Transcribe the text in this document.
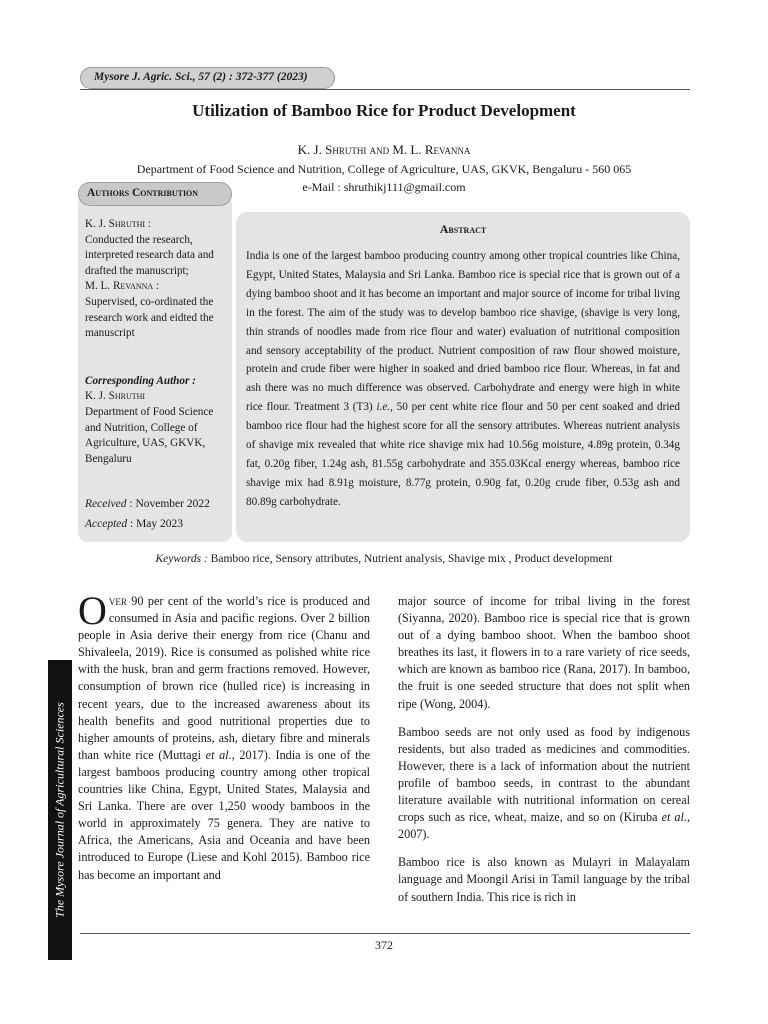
Mysore J. Agric. Sci., 57 (2) : 372-377 (2023)
Utilization of Bamboo Rice for Product Development
K. J. Shruthi and M. L. Revanna
Department of Food Science and Nutrition, College of Agriculture, UAS, GKVK, Bengaluru - 560 065
e-Mail : shruthikj111@gmail.com
Authors Contribution
K. J. Shruthi :
Conducted the research, interpreted research data and drafted the manuscript;
M. L. Revanna :
Supervised, co-ordinated the research work and eidted the manuscript
Corresponding Author :
K. J. Shruthi
Department of Food Science and Nutrition, College of Agriculture, UAS, GKVK, Bengaluru
Received : November 2022
Accepted : May 2023
Abstract
India is one of the largest bamboo producing country among other tropical countries like China, Egypt, United States, Malaysia and Sri Lanka. Bamboo rice is special rice that is grown out of a dying bamboo shoot and it has become an important and major source of income for tribal living in the forest. The aim of the study was to develop bamboo rice shavige, (shavige is very long, thin strands of noodles made from rice flour and water) evaluation of nutritional composition and sensory acceptability of the product. Nutrient composition of raw flour showed moisture, protein and crude fiber were higher in soaked and dried bamboo rice flour. Whereas, in fat and ash there was no much difference was observed. Carbohydrate and energy were high in white rice flour. Treatment 3 (T3) i.e., 50 per cent white rice flour and 50 per cent soaked and dried bamboo rice flour had the highest score for all the sensory attributes. Whereas nutrient analysis of shavige mix revealed that white rice shavige mix had 10.56g moisture, 4.89g protein, 0.34g fat, 0.20g fiber, 1.24g ash, 81.55g carbohydrate and 355.03Kcal energy whereas, bamboo rice shavige mix had 8.91g moisture, 8.77g protein, 0.90g fat, 0.20g crude fiber, 0.53g ash and 80.89g carbohydrate.
Keywords : Bamboo rice, Sensory attributes, Nutrient analysis, Shavige mix , Product development
The Mysore Journal of Agricultural Sciences

Over 90 per cent of the world’s rice is produced and consumed in Asia and pacific regions. Over 2 billion people in Asia derive their energy from rice (Chanu and Shivaleela, 2019). Rice is consumed as polished white rice with the husk, bran and germ fractions removed. However, consumption of brown rice (hulled rice) is increasing in recent years, due to the increased awareness about its health benefits and good nutritional properties due to higher amounts of proteins, ash, dietary fibre and minerals than white rice (Muttagi et al., 2017). India is one of the largest bamboos producing country among other tropical countries like China, Egypt, United States, Malaysia and Sri Lanka. There are over 1,250 woody bamboos in the world in approximately 75 genera. They are native to Africa, the Americans, Asia and Oceania and have been introduced to Europe (Liese and Kohl 2015). Bamboo rice has become an important and

major source of income for tribal living in the forest (Siyanna, 2020). Bamboo rice is special rice that is grown out of a dying bamboo shoot. When the bamboo shoot breathes its last, it flowers in to a rare variety of rice seeds, which are known as bamboo rice (Rana, 2017). In bamboo, the fruit is one seeded structure that does not split when ripe (Wong, 2004).

Bamboo seeds are not only used as food by indigenous residents, but also traded as medicines and commodities. However, there is a lack of information about the nutrient profile of bamboo seeds, in contrast to the abundant literature available with nutritional information on cereal crops such as rice, wheat, maize, and so on (Kiruba et al., 2007).

Bamboo rice is also known as Mulayri in Malayalam language and Moongil Arisi in Tamil language by the tribal of southern India. This rice is rich in

372
